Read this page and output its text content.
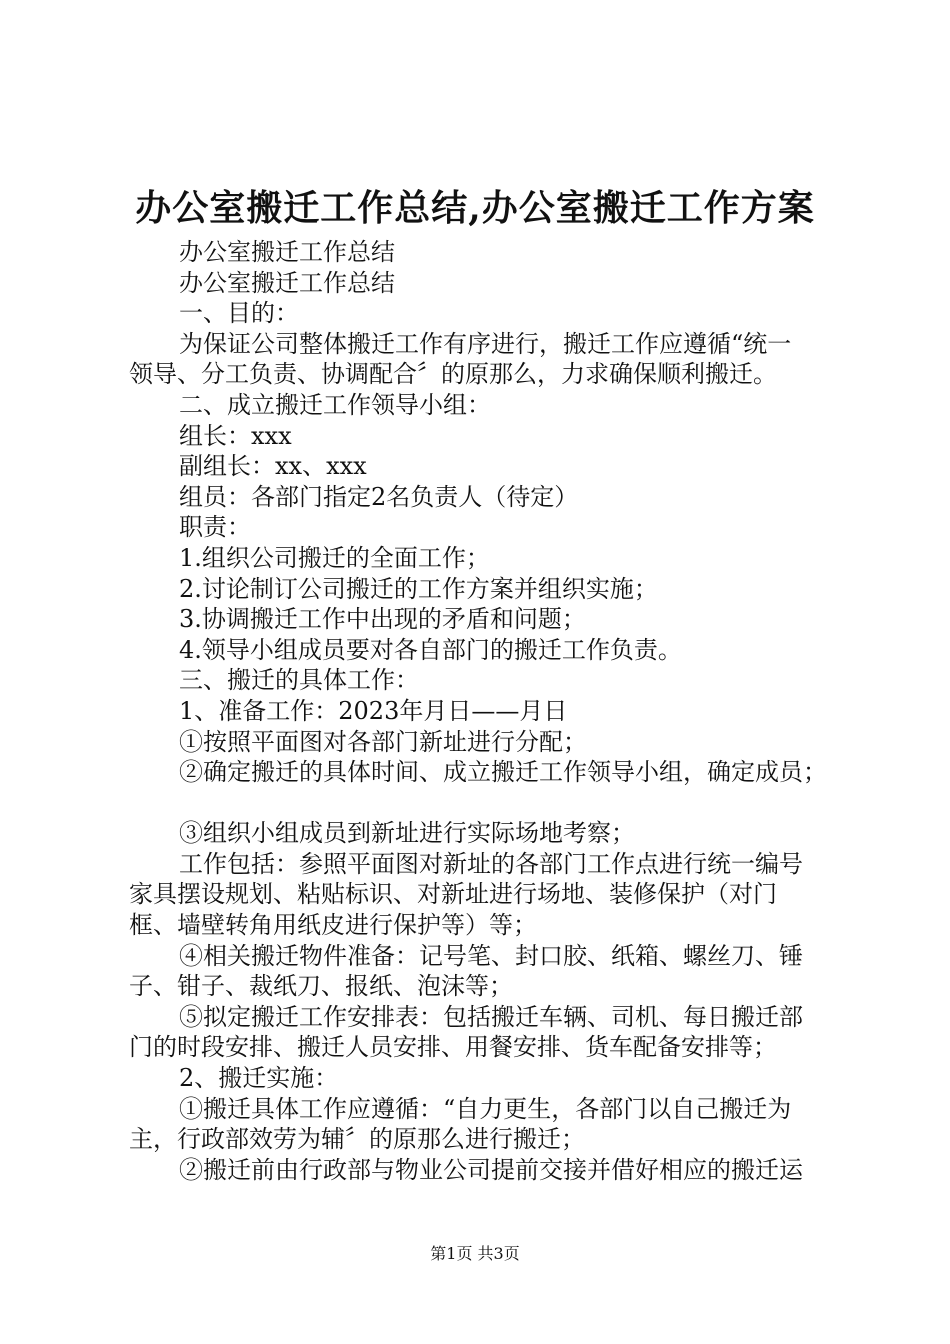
办公室搬迁工作总结,办公室搬迁工作方案

办公室搬迁工作总结

办公室搬迁工作总结

一、目的：

为保证公司整体搬迁工作有序进行，搬迁工作应遵循“统一

领导、分工负责、协调配合〞的原那么，力求确保顺利搬迁。

二、成立搬迁工作领导小组：

组长：xxx

副组长：xx、xxx

组员：各部门指定2名负责人（待定）

职责：

1.组织公司搬迁的全面工作；

2.讨论制订公司搬迁的工作方案并组织实施；

3.协调搬迁工作中出现的矛盾和问题；

4.领导小组成员要对各自部门的搬迁工作负责。

三、搬迁的具体工作：

1、准备工作：2023年月日——月日

①按照平面图对各部门新址进行分配；

②确定搬迁的具体时间、成立搬迁工作领导小组，确定成员；

③组织小组成员到新址进行实际场地考察；

工作包括：参照平面图对新址的各部门工作点进行统一编号

家具摆设规划、粘贴标识、对新址进行场地、装修保护（对门

框、墙壁转角用纸皮进行保护等）等；

④相关搬迁物件准备：记号笔、封口胶、纸箱、螺丝刀、锤

子、钳子、裁纸刀、报纸、泡沫等；

⑤拟定搬迁工作安排表：包括搬迁车辆、司机、每日搬迁部

门的时段安排、搬迁人员安排、用餐安排、货车配备安排等；

2、搬迁实施：

①搬迁具体工作应遵循：“自力更生，各部门以自己搬迁为

主，行政部效劳为辅〞的原那么进行搬迁；

②搬迁前由行政部与物业公司提前交接并借好相应的搬迁运

第1页 共3页
